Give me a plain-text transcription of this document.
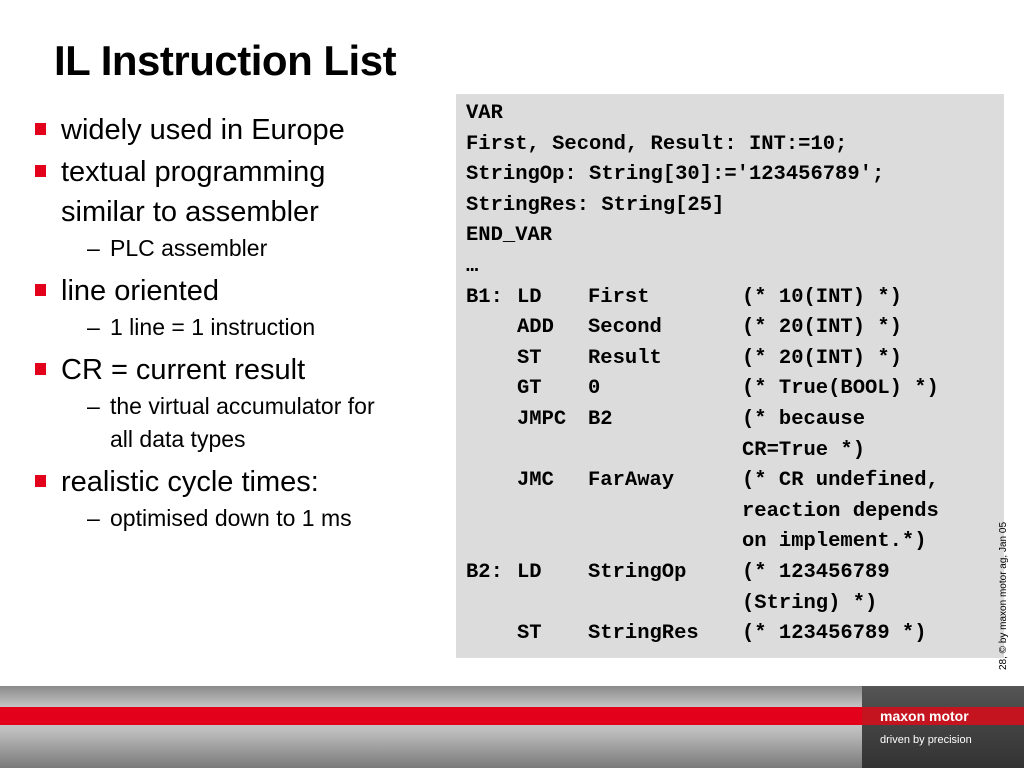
IL Instruction List
widely used in Europe
textual programming
similar to assembler
– PLC assembler
line oriented
– 1 line = 1 instruction
CR = current result
– the virtual accumulator for
all data types
realistic cycle times:
– optimised down to 1 ms
VAR
First, Second, Result: INT:=10;
StringOp: String[30]:='123456789';
StringRes: String[25]
END_VAR
…
B1: LD	First	(* 10(INT) *)
ADD	Second	(* 20(INT) *)
ST	Result	(* 20(INT) *)
GT	0	(* True(BOOL) *)
JMPC	B2	(* because
CR=True *)
JMC	FarAway	(* CR undefined,
reaction depends
on implement.*)
B2: LD	StringOp	(* 123456789
(String) *)
ST	StringRes	(* 123456789 *)	28, © by maxon motor ag, Jan 05
maxon motor
driven by precision
